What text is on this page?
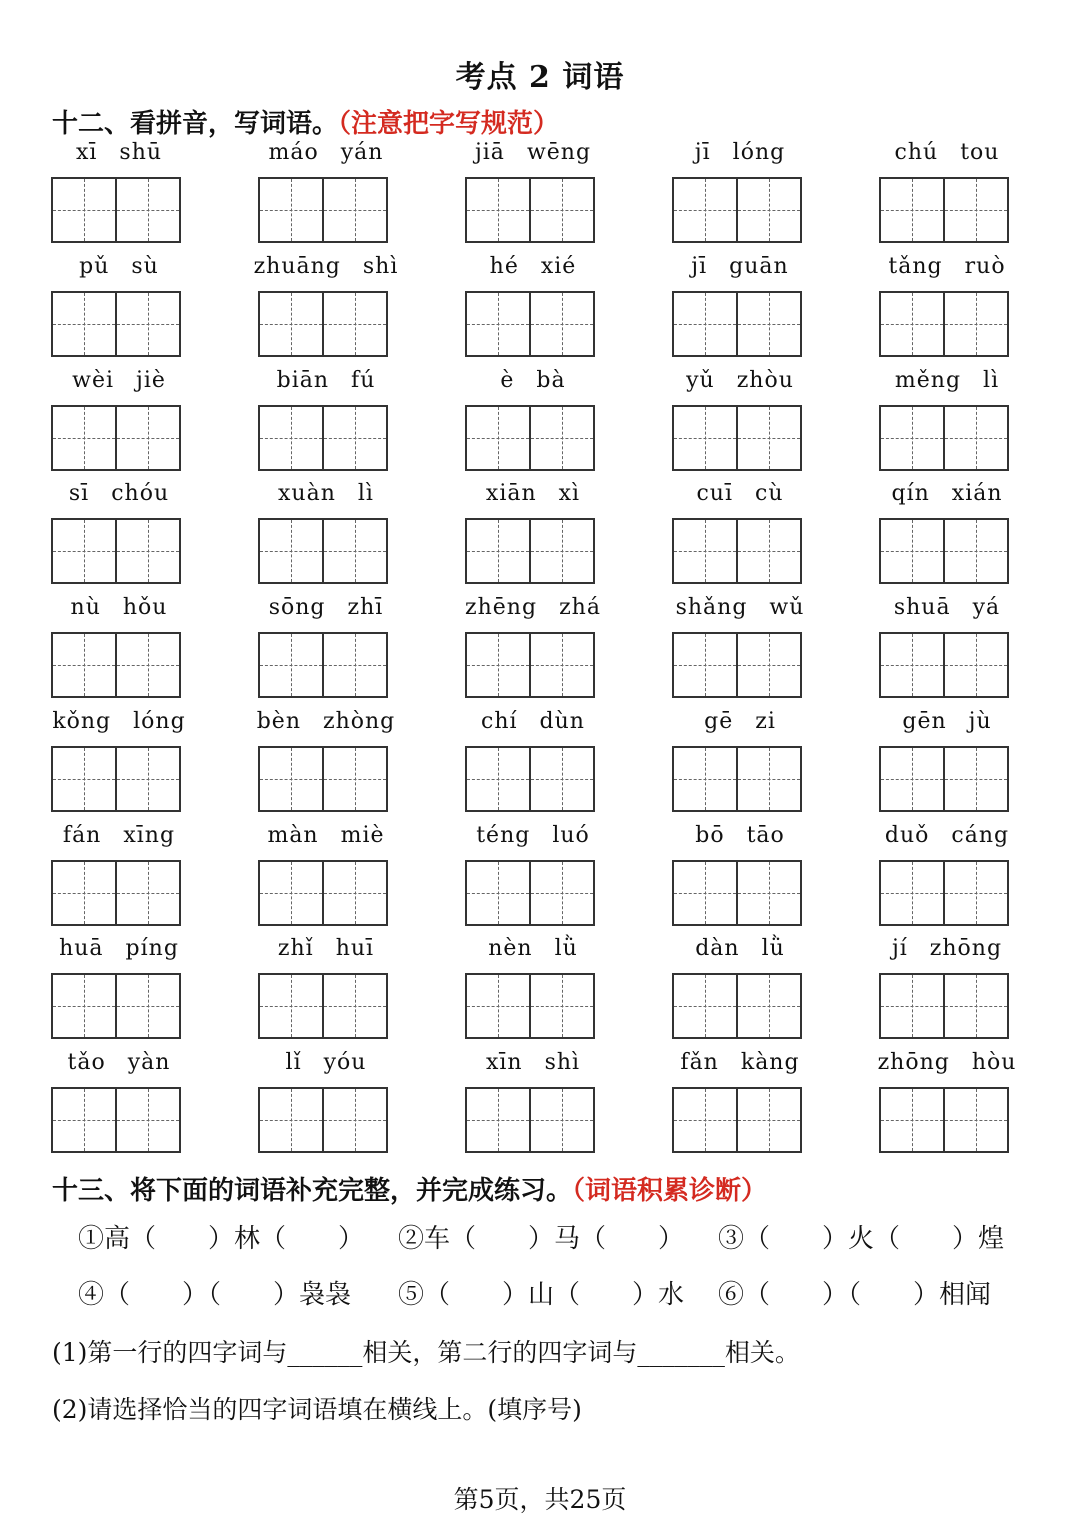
考点 2 词语
十二、看拼音，写词语。（注意把字写规范）
xī shū	máo yán	jiā wēng	jī lóng	chú tou
pǔ sù	zhuāng shì	hé xié	jī guān	tǎng ruò
wèi jiè	biān fú	è bà	yǔ zhòu	měng lì
sī chóu	xuàn lì	xiān xì	cuī cù	qín xián
nù hǒu	sōng zhī	zhēng zhá	shǎng wǔ	shuā yá
kǒng lóng	bèn zhòng	chí dùn	gē zi	gēn jù
fán xīng	màn miè	téng luó	bō tāo	duǒ cáng
huā píng	zhǐ huī	nèn lǜ	dàn lǜ	jí zhōng
tǎo yàn	lǐ yóu	xīn shì	fǎn kàng	zhōng hòu
十三、将下面的词语补充完整，并完成练习。（词语积累诊断）
①高（　　）林（　　）	②车（　　）马（　　）	③（　　）火（　　）煌
④（　　）（　　）袅袅	⑤（　　）山（　　）水	⑥（　　）（　　）相闻
(1)第一行的四字词与______相关，第二行的四字词与_______相关。
(2)请选择恰当的四字词语填在横线上。(填序号)
第5页，共25页
